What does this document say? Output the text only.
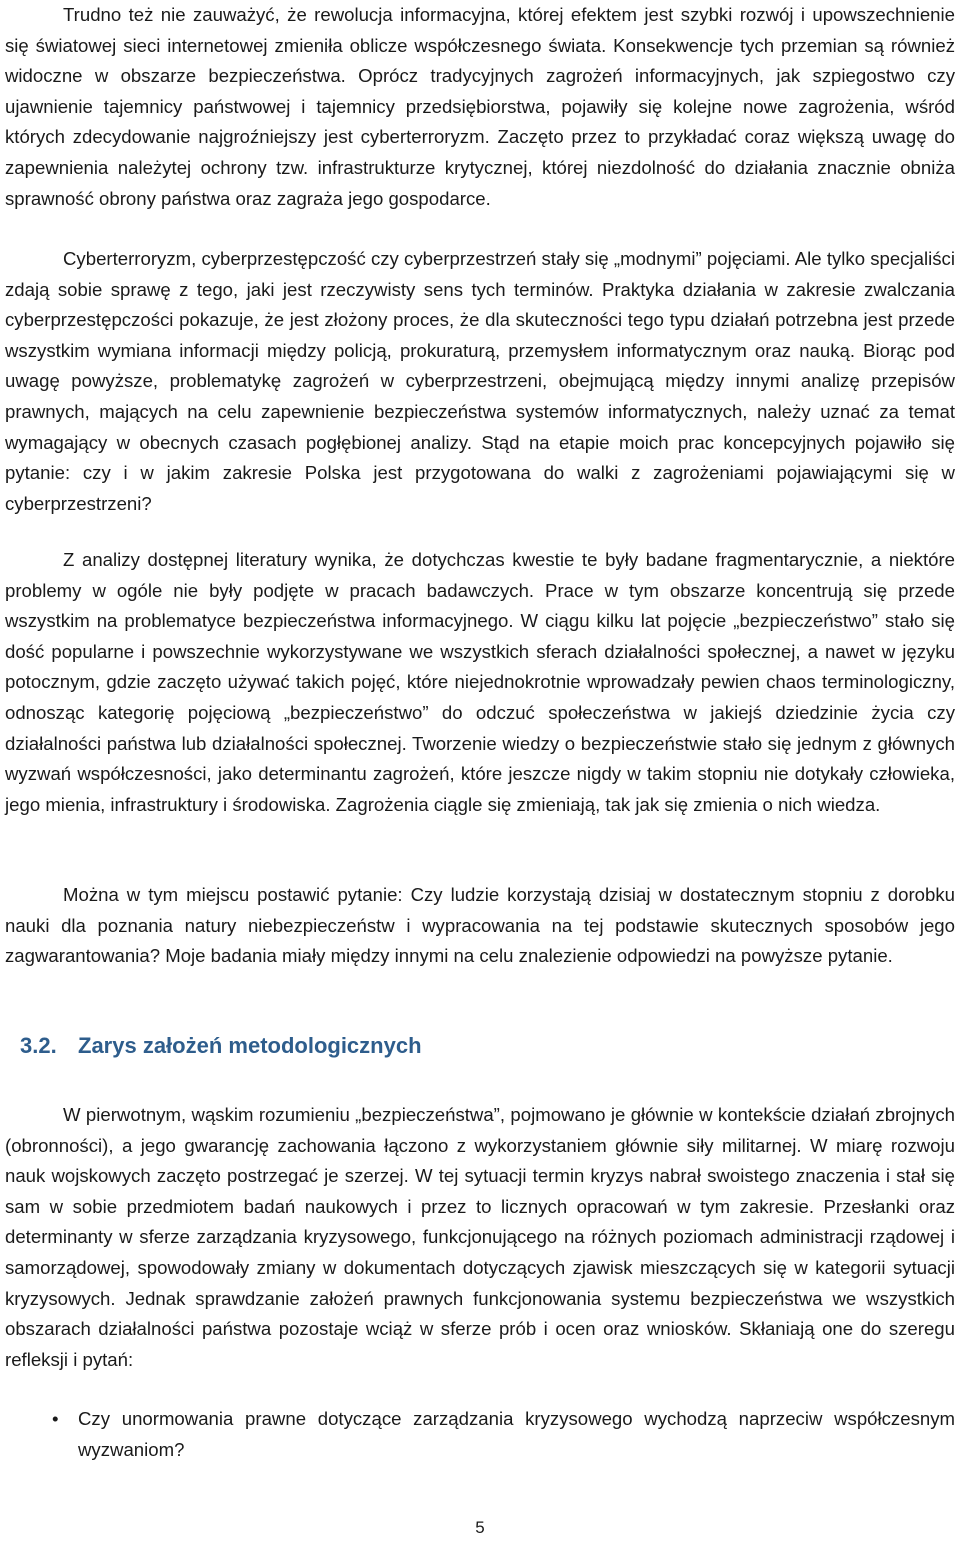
Trudno też nie zauważyć, że rewolucja informacyjna, której efektem jest szybki rozwój i upowszechnienie się światowej sieci internetowej zmieniła oblicze współczesnego świata. Konsekwencje tych przemian są również widoczne w obszarze bezpieczeństwa. Oprócz tradycyjnych zagrożeń informacyjnych, jak szpiegostwo czy ujawnienie tajemnicy państwowej i tajemnicy przedsiębiorstwa, pojawiły się kolejne nowe zagrożenia, wśród których zdecydowanie najgroźniejszy jest cyberterroryzm. Zaczęto przez to przykładać coraz większą uwagę do zapewnienia należytej ochrony tzw. infrastrukturze krytycznej, której niezdolność do działania znacznie obniża sprawność obrony państwa oraz zagraża jego gospodarce.

Cyberterroryzm, cyberprzestępczość czy cyberprzestrzeń stały się „modnymi” pojęciami. Ale tylko specjaliści zdają sobie sprawę z tego, jaki jest rzeczywisty sens tych terminów. Praktyka działania w zakresie zwalczania cyberprzestępczości pokazuje, że jest złożony proces, że dla skuteczności tego typu działań potrzebna jest przede wszystkim wymiana informacji między policją, prokuraturą, przemysłem informatycznym oraz nauką. Biorąc pod uwagę powyższe, problematykę zagrożeń w cyberprzestrzeni, obejmującą między innymi analizę przepisów prawnych, mających na celu zapewnienie bezpieczeństwa systemów informatycznych, należy uznać za temat wymagający w obecnych czasach pogłębionej analizy. Stąd na etapie moich prac koncepcyjnych pojawiło się pytanie: czy i w jakim zakresie Polska jest przygotowana do walki z zagrożeniami pojawiającymi się w cyberprzestrzeni?

Z analizy dostępnej literatury wynika, że dotychczas kwestie te były badane fragmentarycznie, a niektóre problemy w ogóle nie były podjęte w pracach badawczych. Prace w tym obszarze koncentrują się przede wszystkim na problematyce bezpieczeństwa informacyjnego. W ciągu kilku lat pojęcie „bezpieczeństwo” stało się dość popularne i powszechnie wykorzystywane we wszystkich sferach działalności społecznej, a nawet w języku potocznym, gdzie zaczęto używać takich pojęć, które niejednokrotnie wprowadzały pewien chaos terminologiczny, odnosząc kategorię pojęciową „bezpieczeństwo” do odczuć społeczeństwa w jakiejś dziedzinie życia czy działalności państwa lub działalności społecznej. Tworzenie wiedzy o bezpieczeństwie stało się jednym z głównych wyzwań współczesności, jako determinantu zagrożeń, które jeszcze nigdy w takim stopniu nie dotykały człowieka, jego mienia, infrastruktury i środowiska. Zagrożenia ciągle się zmieniają, tak jak się zmienia o nich wiedza.

Można w tym miejscu postawić pytanie: Czy ludzie korzystają dzisiaj w dostatecznym stopniu z dorobku nauki dla poznania natury niebezpieczeństw i wypracowania na tej podstawie skutecznych sposobów jego zagwarantowania? Moje badania miały między innymi na celu znalezienie odpowiedzi na powyższe pytanie.

3.2. Zarys założeń metodologicznych

W pierwotnym, wąskim rozumieniu „bezpieczeństwa”, pojmowano je głównie w kontekście działań zbrojnych (obronności), a jego gwarancję zachowania łączono z wykorzystaniem głównie siły militarnej. W miarę rozwoju nauk wojskowych zaczęto postrzegać je szerzej. W tej sytuacji termin kryzys nabrał swoistego znaczenia i stał się sam w sobie przedmiotem badań naukowych i przez to licznych opracowań w tym zakresie. Przesłanki oraz determinanty w sferze zarządzania kryzysowego, funkcjonującego na różnych poziomach administracji rządowej i samorządowej, spowodowały zmiany w dokumentach dotyczących zjawisk mieszczących się w kategorii sytuacji kryzysowych. Jednak sprawdzanie założeń prawnych funkcjonowania systemu bezpieczeństwa we wszystkich obszarach działalności państwa pozostaje wciąż w sferze prób i ocen oraz wniosków. Skłaniają one do szeregu refleksji i pytań:

• Czy unormowania prawne dotyczące zarządzania kryzysowego wychodzą naprzeciw współczesnym wyzwaniom?

5
